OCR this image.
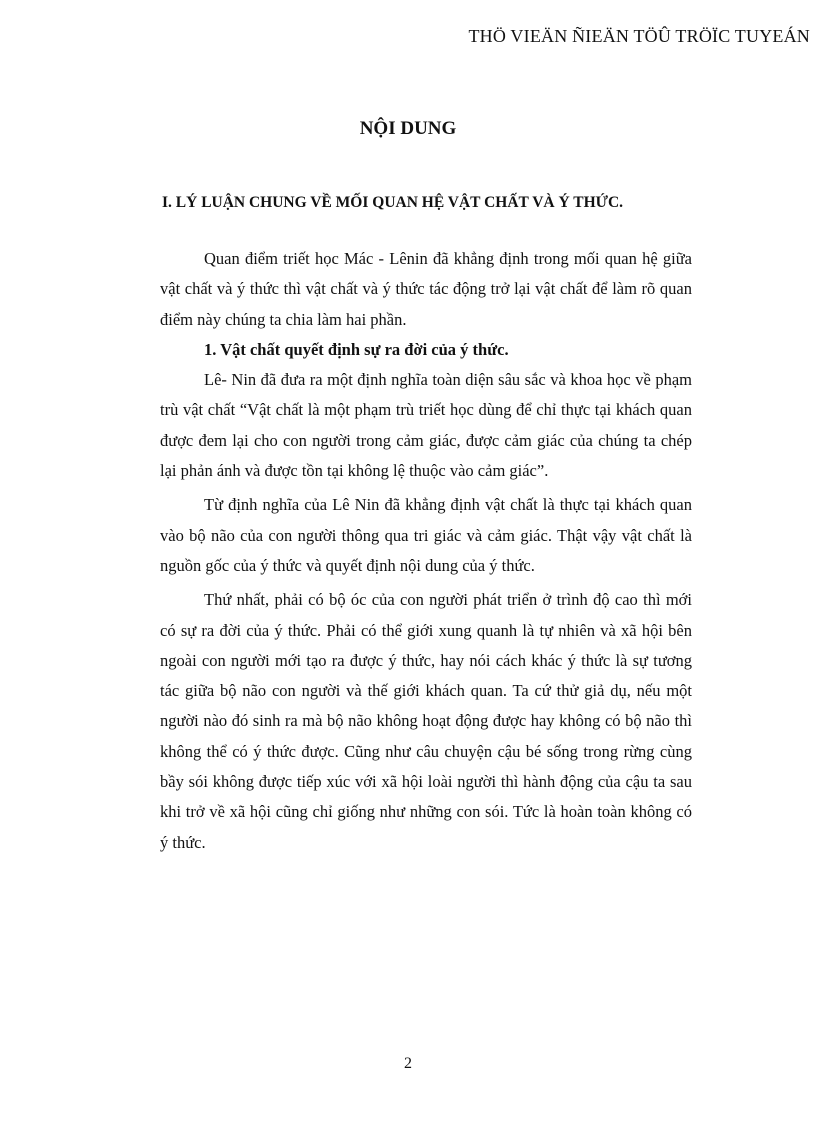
THÖ VIEÄN ÑIEÄN TÖÛ TRÖÏC TUYEÁN
NỘI DUNG
I. LÝ LUẬN CHUNG VỀ MỐI QUAN HỆ VẬT CHẤT VÀ Ý THỨC.

Quan điểm triết học Mác - Lênin đã khẳng định trong mối quan hệ giữa vật chất và ý thức thì vật chất và ý thức tác động trở lại vật chất để làm rõ quan điểm này chúng ta chia làm hai phần.

1. Vật chất quyết định sự ra đời của ý thức.

Lê- Nin đã đưa ra một định nghĩa toàn diện sâu sắc và khoa học về phạm trù vật chất “Vật chất là một phạm trù triết học dùng để chỉ thực tại khách quan được đem lại cho con người trong cảm giác, được cảm giác của chúng ta chép lại phản ánh và được tồn tại không lệ thuộc vào cảm giác”.

Từ định nghĩa của Lê Nin đã khẳng định vật chất là thực tại khách quan vào bộ não của con người thông qua tri giác và cảm giác. Thật vậy vật chất là nguồn gốc của ý thức và quyết định nội dung của ý thức.

Thứ nhất, phải có bộ óc của con người phát triển ở trình độ cao thì mới có sự ra đời của ý thức. Phải có thể giới xung quanh là tự nhiên và xã hội bên ngoài con người mới tạo ra được ý thức, hay nói cách khác ý thức là sự tương tác giữa bộ não con người và thế giới khách quan. Ta cứ thử giả dụ, nếu một người nào đó sinh ra mà bộ não không hoạt động được hay không có bộ não thì không thể có ý thức được. Cũng như câu chuyện cậu bé sống trong rừng cùng bầy sói không được tiếp xúc với xã hội loài người thì hành động của cậu ta sau khi trở về xã hội cũng chỉ giống như những con sói. Tức là hoàn toàn không có ý thức.

2
